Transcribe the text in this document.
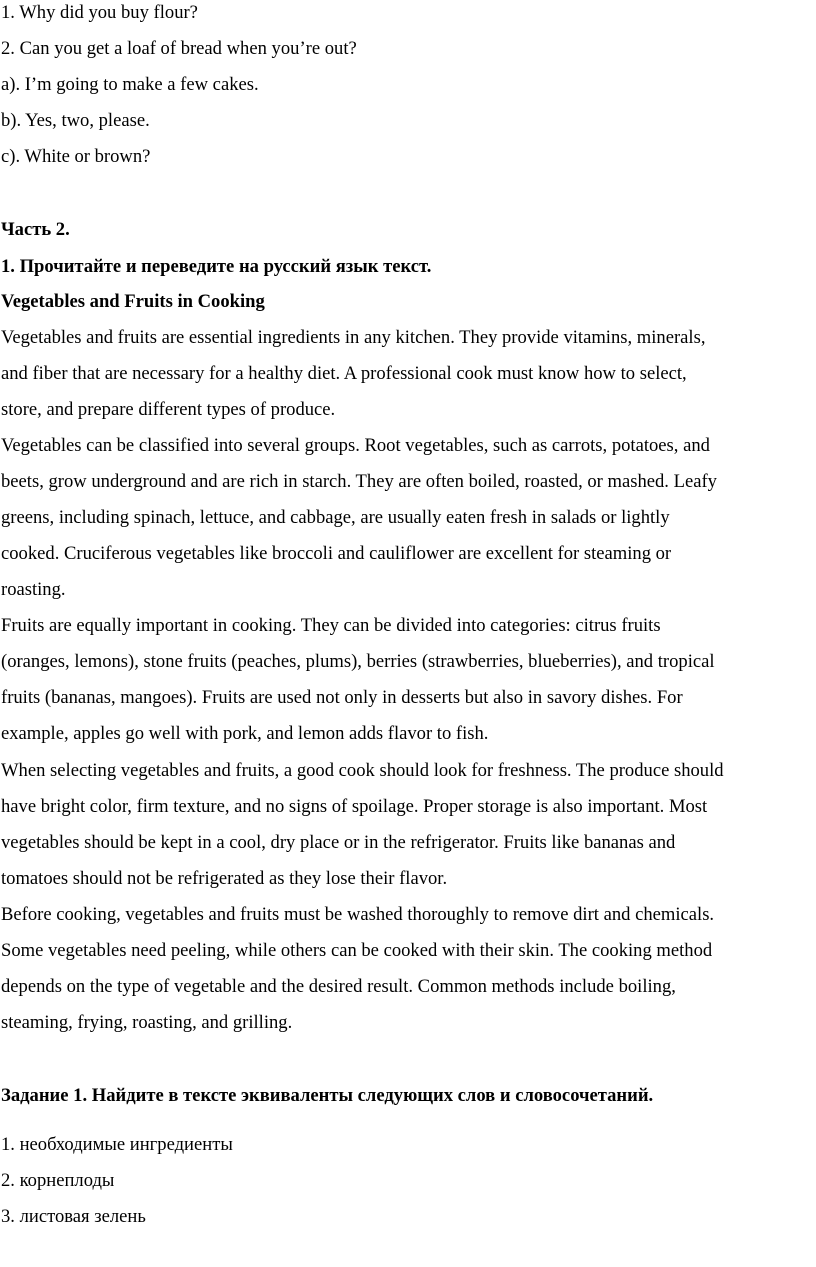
1. Why did you buy flour?
2. Can you get a loaf of bread when you’re out?
a). I’m going to make a few cakes.
b). Yes, two, please.
c). White or brown?
Часть 2.
1. Прочитайте и переведите на русский язык текст.
Vegetables and Fruits in Cooking
Vegetables and fruits are essential ingredients in any kitchen. They provide vitamins, minerals,
and fiber that are necessary for a healthy diet. A professional cook must know how to select,
store, and prepare different types of produce.
Vegetables can be classified into several groups. Root vegetables, such as carrots, potatoes, and
beets, grow underground and are rich in starch. They are often boiled, roasted, or mashed. Leafy
greens, including spinach, lettuce, and cabbage, are usually eaten fresh in salads or lightly
cooked. Cruciferous vegetables like broccoli and cauliflower are excellent for steaming or
roasting.
Fruits are equally important in cooking. They can be divided into categories: citrus fruits
(oranges, lemons), stone fruits (peaches, plums), berries (strawberries, blueberries), and tropical
fruits (bananas, mangoes). Fruits are used not only in desserts but also in savory dishes. For
example, apples go well with pork, and lemon adds flavor to fish.
When selecting vegetables and fruits, a good cook should look for freshness. The produce should
have bright color, firm texture, and no signs of spoilage. Proper storage is also important. Most
vegetables should be kept in a cool, dry place or in the refrigerator. Fruits like bananas and
tomatoes should not be refrigerated as they lose their flavor.
Before cooking, vegetables and fruits must be washed thoroughly to remove dirt and chemicals.
Some vegetables need peeling, while others can be cooked with their skin. The cooking method
depends on the type of vegetable and the desired result. Common methods include boiling,
steaming, frying, roasting, and grilling.
Задание 1. Найдите в тексте эквиваленты следующих слов и словосочетаний.
1. необходимые ингредиенты
2. корнеплоды
3. листовая зелень
